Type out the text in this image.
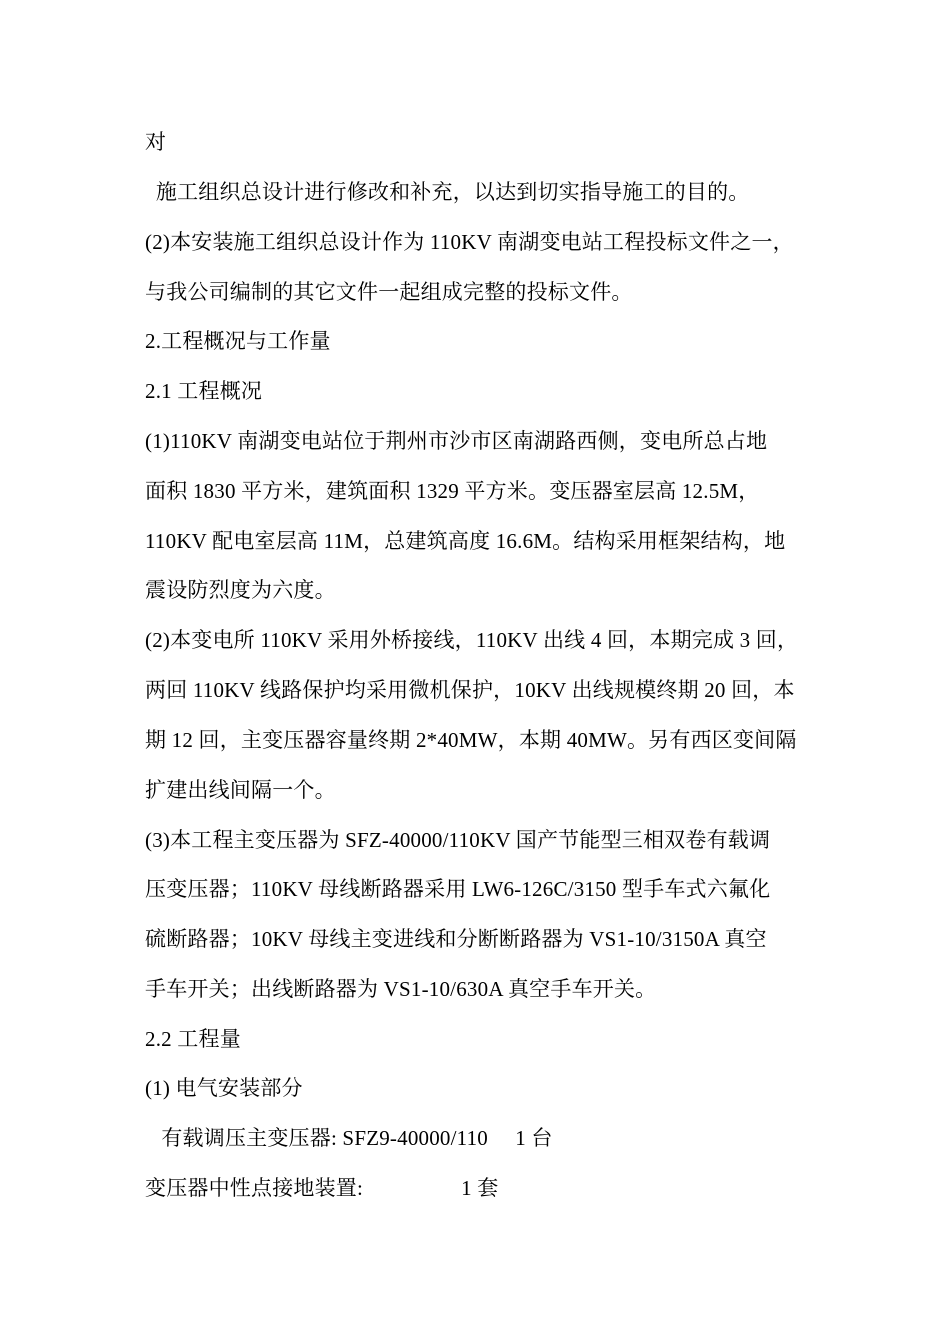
对
施工组织总设计进行修改和补充，以达到切实指导施工的目的。
(2)本安装施工组织总设计作为 110KV 南湖变电站工程投标文件之一，
与我公司编制的其它文件一起组成完整的投标文件。
2.工程概况与工作量
2.1 工程概况
(1)110KV 南湖变电站位于荆州市沙市区南湖路西侧，变电所总占地
面积 1830 平方米，建筑面积 1329 平方米。变压器室层高 12.5M，
110KV 配电室层高 11M，总建筑高度 16.6M。结构采用框架结构，地
震设防烈度为六度。
(2)本变电所 110KV 采用外桥接线，110KV 出线 4 回，本期完成 3 回，
两回 110KV 线路保护均采用微机保护，10KV 出线规模终期 20 回，本
期 12 回，主变压器容量终期 2*40MW，本期 40MW。另有西区变间隔
扩建出线间隔一个。
(3)本工程主变压器为 SFZ-40000/110KV 国产节能型三相双卷有载调
压变压器；110KV 母线断路器采用 LW6-126C/3150 型手车式六氟化
硫断路器；10KV 母线主变进线和分断断路器为 VS1-10/3150A 真空
手车开关；出线断路器为 VS1-10/630A 真空手车开关。
2.2 工程量
(1) 电气安装部分
有载调压主变压器: SFZ9-40000/110     1 台
变压器中性点接地装置:                  1 套
